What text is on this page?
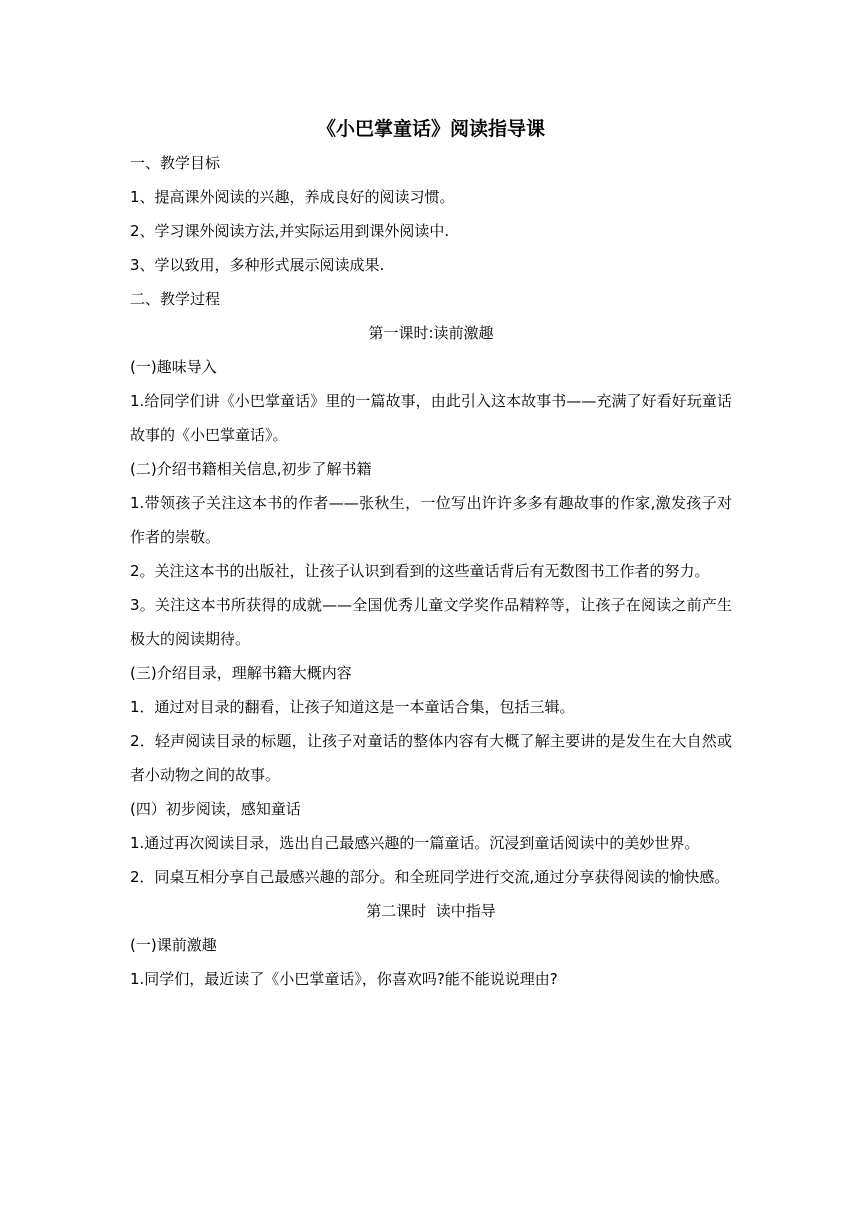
《小巴掌童话》阅读指导课

一、教学目标

1、提高课外阅读的兴趣，养成良好的阅读习惯。

2、学习课外阅读方法,并实际运用到课外阅读中.

3、学以致用，多种形式展示阅读成果.

二、教学过程

第一课时:读前激趣

(一)趣味导入

1.给同学们讲《小巴掌童话》里的一篇故事，由此引入这本故事书——充满了好看好玩童话故事的《小巴掌童话》。

(二)介绍书籍相关信息,初步了解书籍

1.带领孩子关注这本书的作者——张秋生，一位写出许许多多有趣故事的作家,激发孩子对作者的崇敬。

2。关注这本书的出版社，让孩子认识到看到的这些童话背后有无数图书工作者的努力。

3。关注这本书所获得的成就——全国优秀儿童文学奖作品精粹等，让孩子在阅读之前产生极大的阅读期待。

(三)介绍目录，理解书籍大概内容

1．通过对目录的翻看，让孩子知道这是一本童话合集，包括三辑。

2．轻声阅读目录的标题，让孩子对童话的整体内容有大概了解主要讲的是发生在大自然或者小动物之间的故事。

(四）初步阅读，感知童话

1.通过再次阅读目录，选出自己最感兴趣的一篇童话。沉浸到童话阅读中的美妙世界。

2．同桌互相分享自己最感兴趣的部分。和全班同学进行交流,通过分享获得阅读的愉快感。

第二课时  读中指导

(一)课前激趣

1.同学们，最近读了《小巴掌童话》，你喜欢吗?能不能说说理由?
